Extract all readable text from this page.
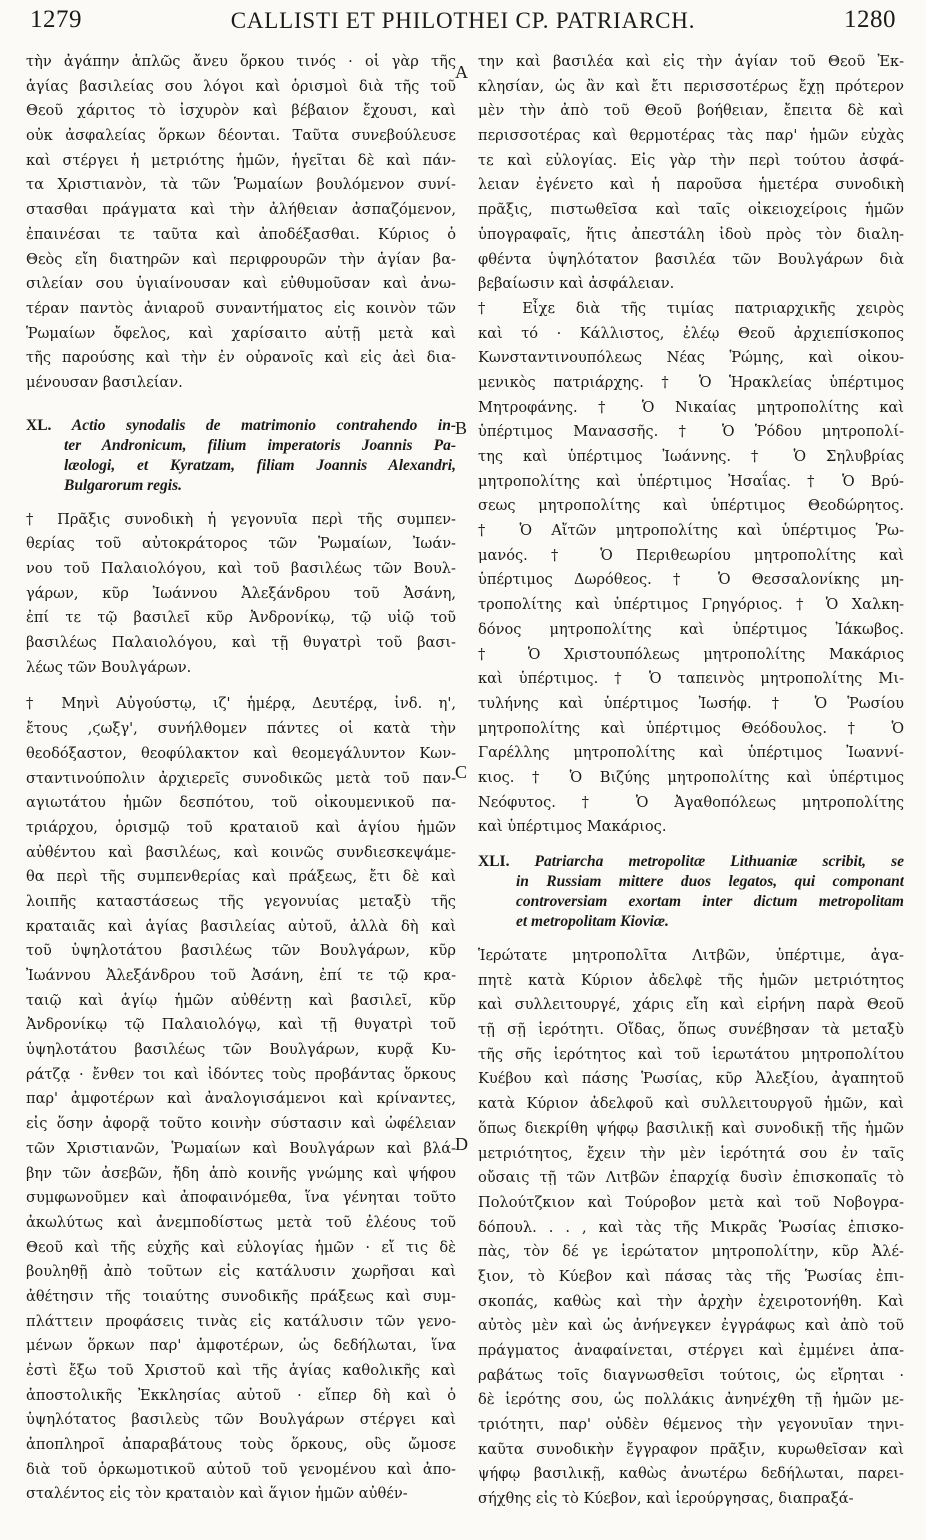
1279	CALLISTI ET PHILOTHEI CP. PATRIARCH.	1280
A
B
C
D
τὴν ἀγάπην ἁπλῶς ἄνευ ὅρκου τινός · οἱ γὰρ τῆς
ἁγίας βασιλείας σου λόγοι καὶ ὁρισμοὶ διὰ τῆς τοῦ
Θεοῦ χάριτος τὸ ἰσχυρὸν καὶ βέβαιον ἔχουσι, καὶ
οὐκ ἀσφαλείας ὅρκων δέονται. Ταῦτα συνεβούλευσε
καὶ στέργει ἡ μετριότης ἡμῶν, ἡγεῖται δὲ καὶ πάν-
τα Χριστιανὸν, τὰ τῶν Ῥωμαίων βουλόμενον συνί-
στασθαι πράγματα καὶ τὴν ἀλήθειαν ἀσπαζόμενον,
ἐπαινέσαι τε ταῦτα καὶ ἀποδέξασθαι. Κύριος ὁ
Θεὸς εἴη διατηρῶν καὶ περιφρουρῶν τὴν ἁγίαν βα-
σιλείαν σου ὑγιαίνουσαν καὶ εὐθυμοῦσαν καὶ ἀνω-
τέραν παντὸς ἀνιαροῦ συναντήματος εἰς κοινὸν τῶν
Ῥωμαίων ὄφελος, καὶ χαρίσαιτο αὐτῇ μετὰ καὶ
τῆς παρούσης καὶ τὴν ἐν οὐρανοῖς καὶ εἰς ἀεὶ δια-
μένουσαν βασιλείαν.
XL. Actio synodalis de matrimonio contrahendo in-
ter Andronicum, filium imperatoris Joannis Pa-
læologi, et Kyratzam, filiam Joannis Alexandri,
Bulgarorum regis.
† Πρᾶξις συνοδικὴ ἡ γεγονυῖα περὶ τῆς συμπεν-
θερίας τοῦ αὐτοκράτορος τῶν Ῥωμαίων, Ἰωάν-
νου τοῦ Παλαιολόγου, καὶ τοῦ βασιλέως τῶν Βουλ-
γάρων, κῦρ Ἰωάννου Ἀλεξάνδρου τοῦ Ἀσάνη,
ἐπί τε τῷ βασιλεῖ κῦρ Ἀνδρονίκῳ, τῷ υἱῷ τοῦ
βασιλέως Παλαιολόγου, καὶ τῇ θυγατρὶ τοῦ βασι-
λέως τῶν Βουλγάρων.
† Μηνὶ Αὐγούστῳ, ιζ' ἡμέρᾳ, Δευτέρᾳ, ἰνδ. η',
ἔτους ,ϛωξγ', συνήλθομεν πάντες οἱ κατὰ τὴν
θεοδόξαστον, θεοφύλακτον καὶ θεομεγάλυντον Κων-
σταντινούπολιν ἀρχιερεῖς συνοδικῶς μετὰ τοῦ παν-
αγιωτάτου ἡμῶν δεσπότου, τοῦ οἰκουμενικοῦ πα-
τριάρχου, ὁρισμῷ τοῦ κραταιοῦ καὶ ἁγίου ἡμῶν
αὐθέντου καὶ βασιλέως, καὶ κοινῶς συνδιεσκεψάμε-
θα περὶ τῆς συμπενθερίας καὶ πράξεως, ἔτι δὲ καὶ
λοιπῆς καταστάσεως τῆς γεγονυίας μεταξὺ τῆς
κραταιᾶς καὶ ἁγίας βασιλείας αὐτοῦ, ἀλλὰ δὴ καὶ
τοῦ ὑψηλοτάτου βασιλέως τῶν Βουλγάρων, κῦρ
Ἰωάννου Ἀλεξάνδρου τοῦ Ἀσάνη, ἐπί τε τῷ κρα-
ταιῷ καὶ ἁγίῳ ἡμῶν αὐθέντῃ καὶ βασιλεῖ, κῦρ
Ἀνδρονίκῳ τῷ Παλαιολόγῳ, καὶ τῇ θυγατρὶ τοῦ
ὑψηλοτάτου βασιλέως τῶν Βουλγάρων, κυρᾷ Κυ-
ράτζᾳ · ἔνθεν τοι καὶ ἰδόντες τοὺς προβάντας ὅρκους
παρ' ἀμφοτέρων καὶ ἀναλογισάμενοι καὶ κρίναντες,
εἰς ὅσην ἀφορᾷ τοῦτο κοινὴν σύστασιν καὶ ὠφέλειαν
τῶν Χριστιανῶν, Ῥωμαίων καὶ Βουλγάρων καὶ βλά-
βην τῶν ἀσεβῶν, ἤδη ἀπὸ κοινῆς γνώμης καὶ ψήφου
συμφωνοῦμεν καὶ ἀποφαινόμεθα, ἵνα γένηται τοῦτο
ἀκωλύτως καὶ ἀνεμποδίστως μετὰ τοῦ ἐλέους τοῦ
Θεοῦ καὶ τῆς εὐχῆς καὶ εὐλογίας ἡμῶν · εἴ τις δὲ
βουληθῇ ἀπὸ τοῦτων εἰς κατάλυσιν χωρῆσαι καὶ
ἀθέτησιν τῆς τοιαύτης συνοδικῆς πράξεως καὶ συμ-
πλάττειν προφάσεις τινὰς εἰς κατάλυσιν τῶν γενο-
μένων ὅρκων παρ' ἀμφοτέρων, ὡς δεδήλωται, ἵνα
ἐστὶ ἔξω τοῦ Χριστοῦ καὶ τῆς ἁγίας καθολικῆς καὶ
ἀποστολικῆς Ἐκκλησίας αὐτοῦ · εἴπερ δὴ καὶ ὁ
ὑψηλότατος βασιλεὺς τῶν Βουλγάρων στέργει καὶ
ἀποπληροῖ ἀπαραβάτους τοὺς ὅρκους, οὓς ὤμοσε
διὰ τοῦ ὁρκωμοτικοῦ αὐτοῦ τοῦ γενομένου καὶ ἀπο-
σταλέντος εἰς τὸν κραταιὸν καὶ ἅγιον ἡμῶν αὐθέν-
την καὶ βασιλέα καὶ εἰς τὴν ἁγίαν τοῦ Θεοῦ Ἐκ-
κλησίαν, ὡς ἂν καὶ ἔτι περισσοτέρως ἔχῃ πρότερον
μὲν τὴν ἀπὸ τοῦ Θεοῦ βοήθειαν, ἔπειτα δὲ καὶ
περισσοτέρας καὶ θερμοτέρας τὰς παρ' ἡμῶν εὐχὰς
τε καὶ εὐλογίας. Εἰς γὰρ τὴν περὶ τούτου ἀσφά-
λειαν ἐγένετο καὶ ἡ παροῦσα ἡμετέρα συνοδικὴ
πρᾶξις, πιστωθεῖσα καὶ ταῖς οἰκειοχείροις ἡμῶν
ὑπογραφαῖς, ἥτις ἀπεστάλη ἰδοὺ πρὸς τὸν διαλη-
φθέντα ὑψηλότατον βασιλέα τῶν Βουλγάρων διὰ
βεβαίωσιν καὶ ἀσφάλειαν.
† Εἶχε διὰ τῆς τιμίας πατριαρχικῆς χειρὸς
καὶ τό · Κάλλιστος, ἐλέῳ Θεοῦ ἀρχιεπίσκοπος
Κωνσταντινουπόλεως Νέας Ῥώμης, καὶ οἰκου-
μενικὸς πατριάρχης. † Ὁ Ἡρακλείας ὑπέρτιμος
Μητροφάνης. † Ὁ Νικαίας μητροπολίτης καὶ
ὑπέρτιμος Μανασσῆς. † Ὁ Ῥόδου μητροπολί-
της καὶ ὑπέρτιμος Ἰωάννης. † Ὁ Σηλυβρίας
μητροπολίτης καὶ ὑπέρτιμος Ἠσαΐας. † Ὁ Βρύ-
σεως μητροπολίτης καὶ ὑπέρτιμος Θεοδώρητος.
† Ὁ Αἴτῶν μητροπολίτης καὶ ὑπέρτιμος Ῥω-
μανός. † Ὁ Περιθεωρίου μητροπολίτης καὶ
ὑπέρτιμος Δωρόθεος. † Ὁ Θεσσαλονίκης μη-
τροπολίτης καὶ ὑπέρτιμος Γρηγόριος. † Ὁ Χαλκη-
δόνος μητροπολίτης καὶ ὑπέρτιμος Ἰάκωβος.
† Ὁ Χριστουπόλεως μητροπολίτης Μακάριος
καὶ ὑπέρτιμος. † Ὁ ταπεινὸς μητροπολίτης Μι-
τυλήνης καὶ ὑπέρτιμος Ἰωσήφ. † Ὁ Ῥωσίου
μητροπολίτης καὶ ὑπέρτιμος Θεόδουλος. † Ὁ
Γαρέλλης μητροπολίτης καὶ ὑπέρτιμος Ἰωαννί-
κιος. † Ὁ Βιζύης μητροπολίτης καὶ ὑπέρτιμος
Νεόφυτος. † Ὁ Ἀγαθοπόλεως μητροπολίτης
καὶ ὑπέρτιμος Μακάριος.
XLI. Patriarcha metropolitæ Lithuaniæ scribit, se
in Russiam mittere duos legatos, qui componant
controversiam exortam inter dictum metropolitam
et metropolitam Kioviæ.
Ἱερώτατε μητροπολῖτα Λιτβῶν, ὑπέρτιμε, ἀγα-
πητὲ κατὰ Κύριον ἀδελφὲ τῆς ἡμῶν μετριότητος
καὶ συλλειτουργέ, χάρις εἴη καὶ εἰρήνη παρὰ Θεοῦ
τῇ σῇ ἱερότητι. Οἴδας, ὅπως συνέβησαν τὰ μεταξὺ
τῆς σῆς ἱερότητος καὶ τοῦ ἱερωτάτου μητροπολίτου
Κυέβου καὶ πάσης Ῥωσίας, κῦρ Ἀλεξίου, ἀγαπητοῦ
κατὰ Κύριον ἀδελφοῦ καὶ συλλειτουργοῦ ἡμῶν, καὶ
ὅπως διεκρίθη ψήφῳ βασιλικῇ καὶ συνοδικῇ τῆς ἡμῶν
μετριότητος, ἔχειν τὴν μὲν ἱερότητά σου ἐν ταῖς
οὔσαις τῇ τῶν Λιτβῶν ἐπαρχίᾳ δυσὶν ἐπισκοπαῖς τὸ
Πολούτζκιον καὶ Τούροβον μετὰ καὶ τοῦ Νοβογρα-
δόπουλ. . . , καὶ τὰς τῆς Μικρᾶς Ῥωσίας ἐπισκο-
πὰς, τὸν δέ γε ἱερώτατον μητροπολίτην, κῦρ Ἀλέ-
ξιον, τὸ Κύεβον καὶ πάσας τὰς τῆς Ῥωσίας ἐπι-
σκοπάς, καθὼς καὶ τὴν ἀρχὴν ἐχειροτονήθη. Καὶ
αὐτὸς μὲν καὶ ὡς ἀνήνεγκεν ἐγγράφως καὶ ἀπὸ τοῦ
πράγματος ἀναφαίνεται, στέργει καὶ ἐμμένει ἀπα-
ραβάτως τοῖς διαγνωσθεῖσι τούτοις, ὡς εἴρηται ·
δὲ ἱερότης σου, ὡς πολλάκις ἀνηνέχθη τῇ ἡμῶν με-
τριότητι, παρ' οὐδὲν θέμενος τὴν γεγονυῖαν τηνι-
καῦτα συνοδικὴν ἔγγραφον πρᾶξιν, κυρωθεῖσαν καὶ
ψήφῳ βασιλικῇ, καθὼς ἀνωτέρω δεδήλωται, παρει-
σήχθης εἰς τὸ Κύεβον, καὶ ἱερούργησας, διαπραξά-
